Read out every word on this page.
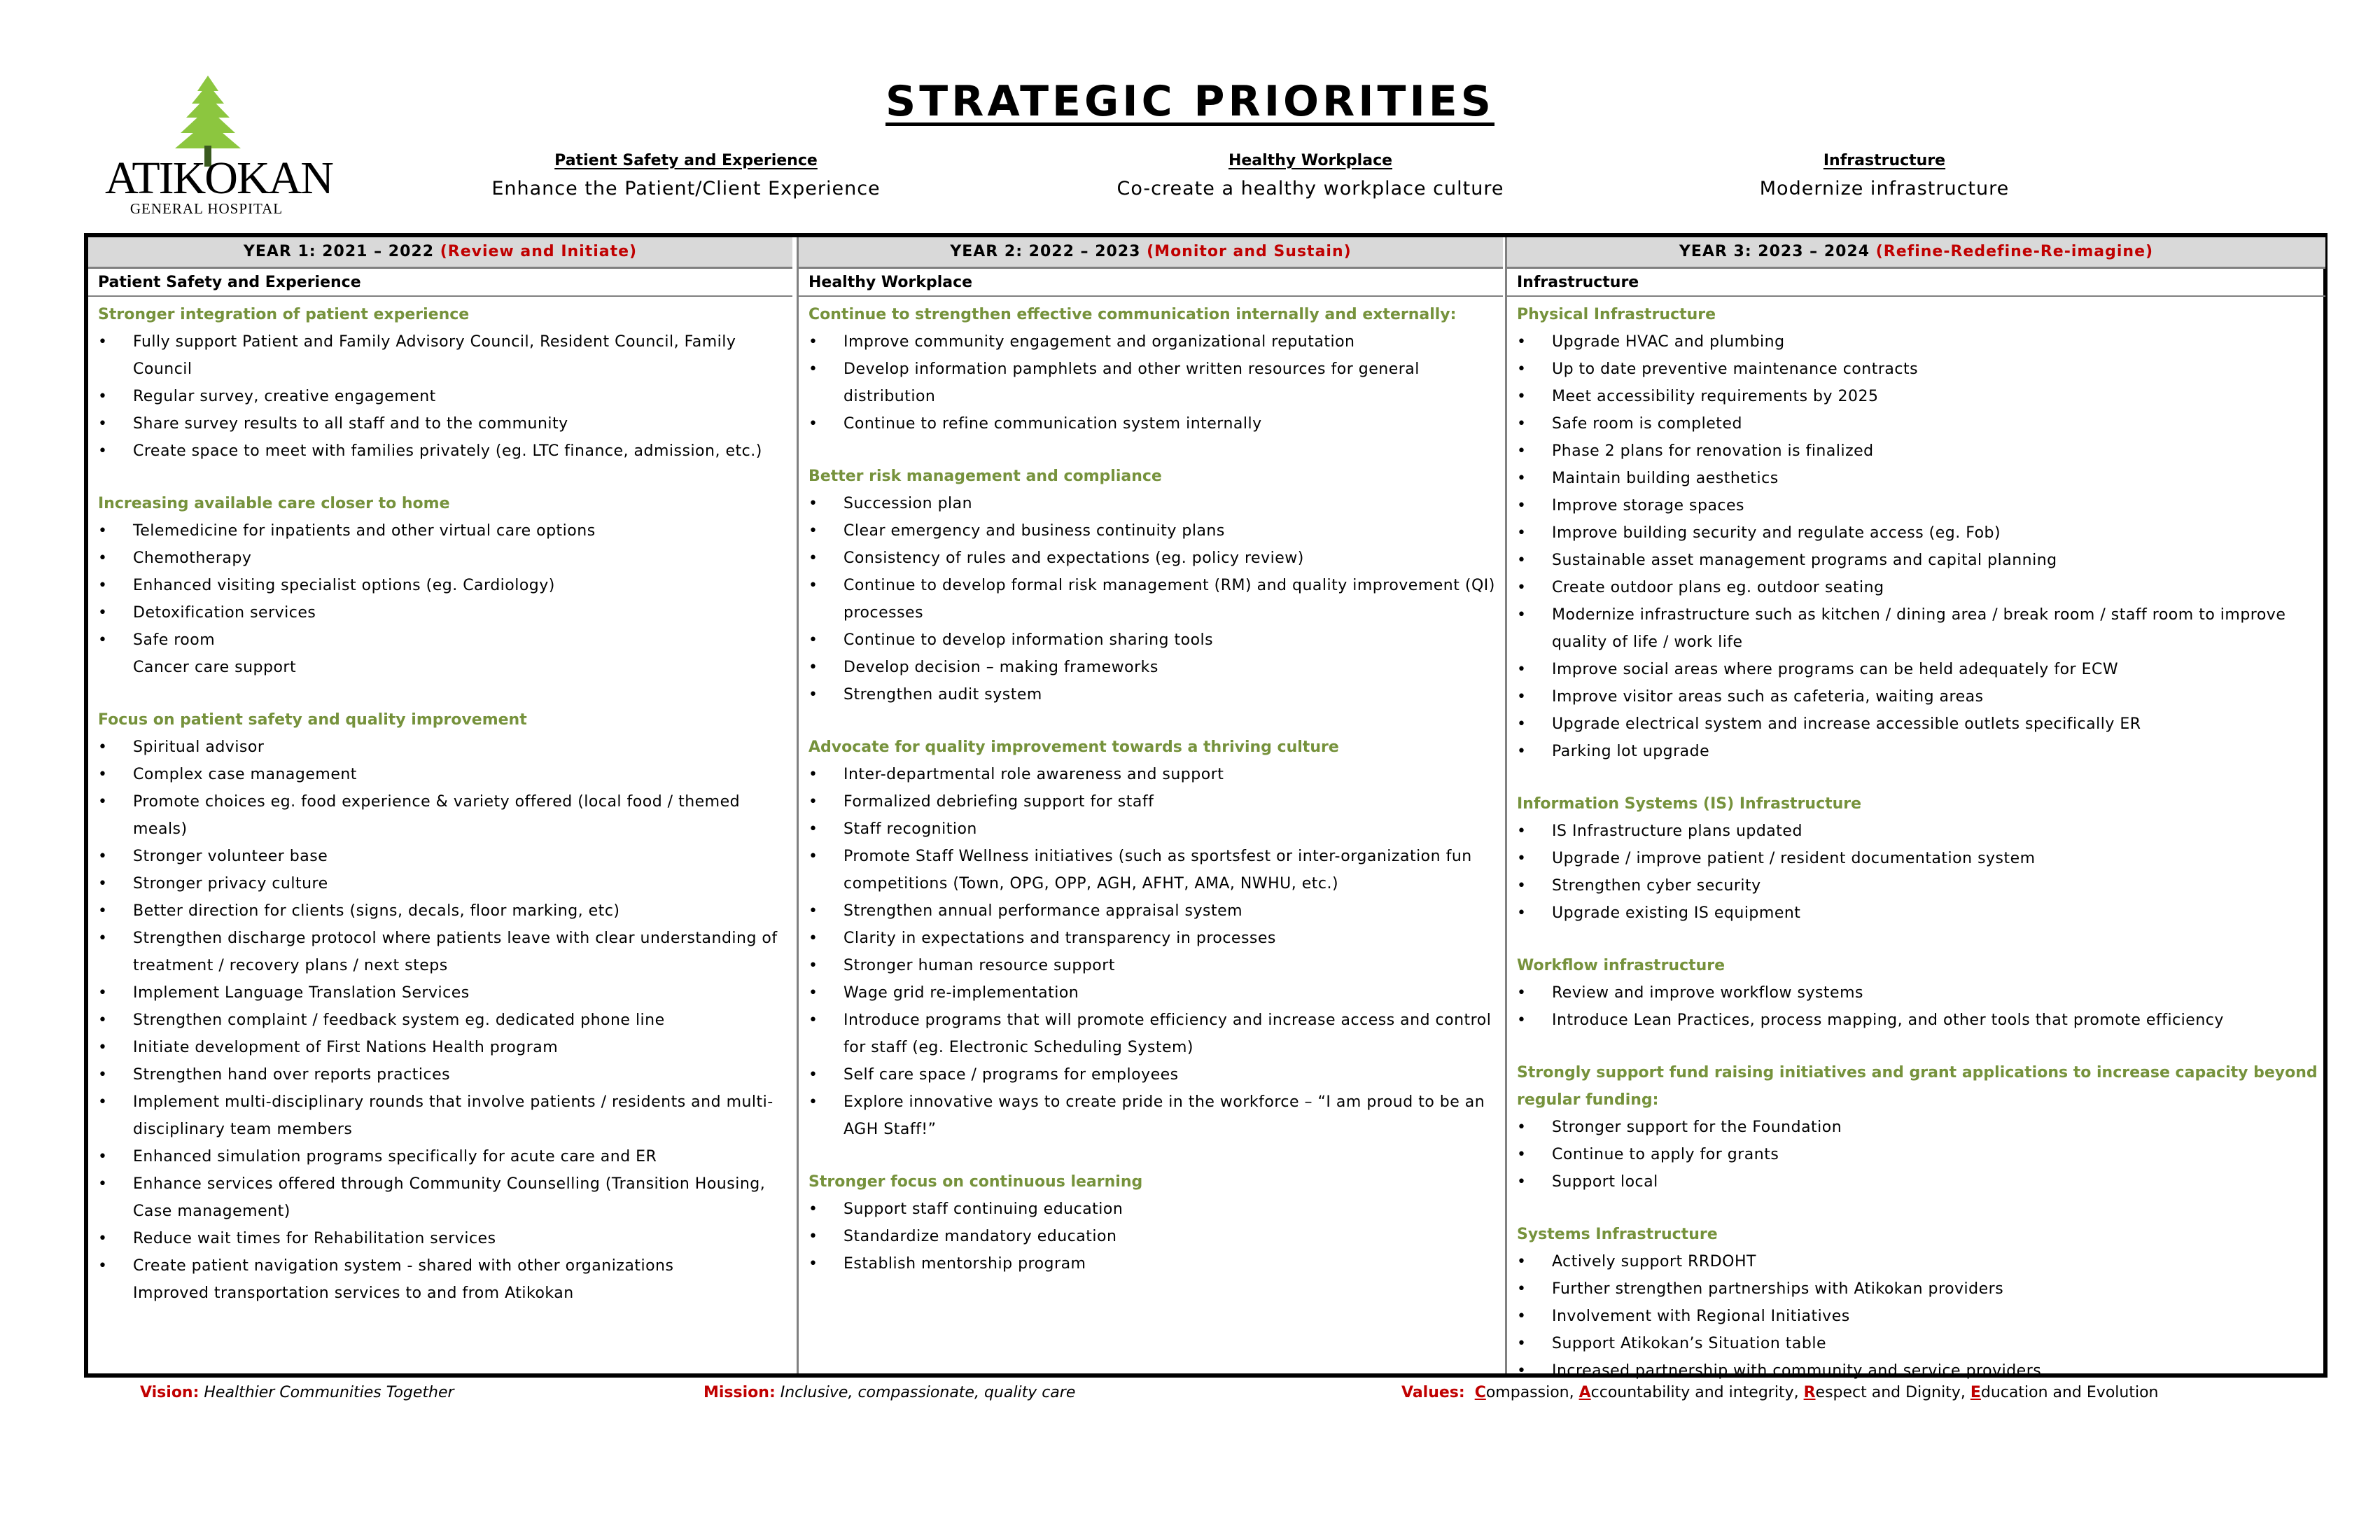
ATIKOKAN
GENERAL HOSPITAL
STRATEGIC PRIORITIES
Patient Safety and Experience
Enhance the Patient/Client Experience
Healthy Workplace
Co-create a healthy workplace culture
Infrastructure
Modernize infrastructure
YEAR 1: 2021 – 2022 (Review and Initiate)
Patient Safety and Experience
Stronger integration of patient experience
• Fully support Patient and Family Advisory Council, Resident Council, Family Council
• Regular survey, creative engagement
• Share survey results to all staff and to the community
• Create space to meet with families privately (eg. LTC finance, admission, etc.)
Increasing available care closer to home
• Telemedicine for inpatients and other virtual care options
• Chemotherapy
• Enhanced visiting specialist options (eg. Cardiology)
• Detoxification services
• Safe room
Cancer care support
Focus on patient safety and quality improvement
• Spiritual advisor
• Complex case management
• Promote choices eg. food experience & variety offered (local food / themed meals)
• Stronger volunteer base
• Stronger privacy culture
• Better direction for clients (signs, decals, floor marking, etc)
• Strengthen discharge protocol where patients leave with clear understanding of treatment / recovery plans / next steps
• Implement Language Translation Services
• Strengthen complaint / feedback system eg. dedicated phone line
• Initiate development of First Nations Health program
• Strengthen hand over reports practices
• Implement multi-disciplinary rounds that involve patients / residents and multi-disciplinary team members
• Enhanced simulation programs specifically for acute care and ER
• Enhance services offered through Community Counselling (Transition Housing, Case management)
• Reduce wait times for Rehabilitation services
• Create patient navigation system - shared with other organizations
Improved transportation services to and from Atikokan
YEAR 2: 2022 – 2023 (Monitor and Sustain)
Healthy Workplace
Continue to strengthen effective communication internally and externally:
• Improve community engagement and organizational reputation
• Develop information pamphlets and other written resources for general distribution
• Continue to refine communication system internally
Better risk management and compliance
• Succession plan
• Clear emergency and business continuity plans
• Consistency of rules and expectations (eg. policy review)
• Continue to develop formal risk management (RM) and quality improvement (QI) processes
• Continue to develop information sharing tools
• Develop decision – making frameworks
• Strengthen audit system
Advocate for quality improvement towards a thriving culture
• Inter-departmental role awareness and support
• Formalized debriefing support for staff
• Staff recognition
• Promote Staff Wellness initiatives (such as sportsfest or inter-organization fun competitions (Town, OPG, OPP, AGH, AFHT, AMA, NWHU, etc.)
• Strengthen annual performance appraisal system
• Clarity in expectations and transparency in processes
• Stronger human resource support
• Wage grid re-implementation
• Introduce programs that will promote efficiency and increase access and control for staff (eg. Electronic Scheduling System)
• Self care space / programs for employees
• Explore innovative ways to create pride in the workforce – “I am proud to be an AGH Staff!”
Stronger focus on continuous learning
• Support staff continuing education
• Standardize mandatory education
• Establish mentorship program
YEAR 3: 2023 – 2024 (Refine-Redefine-Re-imagine)
Infrastructure
Physical Infrastructure
• Upgrade HVAC and plumbing
• Up to date preventive maintenance contracts
• Meet accessibility requirements by 2025
• Safe room is completed
• Phase 2 plans for renovation is finalized
• Maintain building aesthetics
• Improve storage spaces
• Improve building security and regulate access (eg. Fob)
• Sustainable asset management programs and capital planning
• Create outdoor plans eg. outdoor seating
• Modernize infrastructure such as kitchen / dining area / break room / staff room to improve quality of life / work life
• Improve social areas where programs can be held adequately for ECW
• Improve visitor areas such as cafeteria, waiting areas
• Upgrade electrical system and increase accessible outlets specifically ER
• Parking lot upgrade
Information Systems (IS) Infrastructure
• IS Infrastructure plans updated
• Upgrade / improve patient / resident documentation system
• Strengthen cyber security
• Upgrade existing IS equipment
Workflow infrastructure
• Review and improve workflow systems
• Introduce Lean Practices, process mapping, and other tools that promote efficiency
Strongly support fund raising initiatives and grant applications to increase capacity beyond regular funding:
• Stronger support for the Foundation
• Continue to apply for grants
• Support local
Systems Infrastructure
• Actively support RRDOHT
• Further strengthen partnerships with Atikokan providers
• Involvement with Regional Initiatives
• Support Atikokan’s Situation table
• Increased partnership with community and service providers
Vision: Healthier Communities Together	Mission: Inclusive, compassionate, quality care	Values: Compassion, Accountability and integrity, Respect and Dignity, Education and Evolution
